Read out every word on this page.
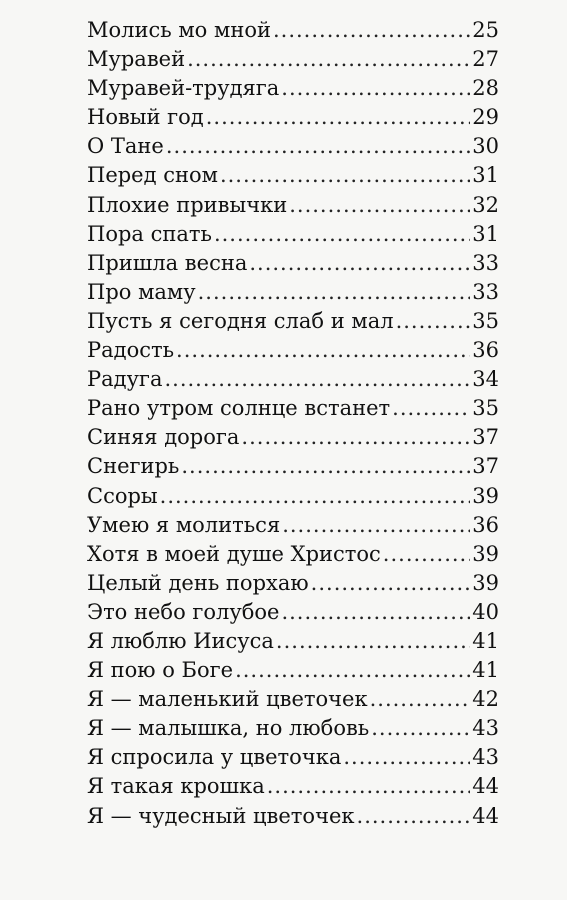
Молись мо мной .....	25
Муравей .....	27
Муравей-трудяга .....	28
Новый год .....	29
О Тане .....	30
Перед сном .....	31
Плохие привычки .....	32
Пора спать .....	31
Пришла весна .....	33
Про маму .....	33
Пусть я сегодня слаб и мал .....	35
Радость .....	36
Радуга .....	34
Рано утром солнце встанет .....	35
Синяя дорога .....	37
Снегирь .....	37
Ссоры .....	39
Умею я молиться .....	36
Хотя в моей душе Христос .....	39
Целый день порхаю .....	39
Это небо голубое .....	40
Я люблю Иисуса .....	41
Я пою о Боге .....	41
Я — маленький цветочек .....	42
Я — малышка, но любовь .....	43
Я спросила у цветочка .....	43
Я такая крошка .....	44
Я — чудесный цветочек .....	44
